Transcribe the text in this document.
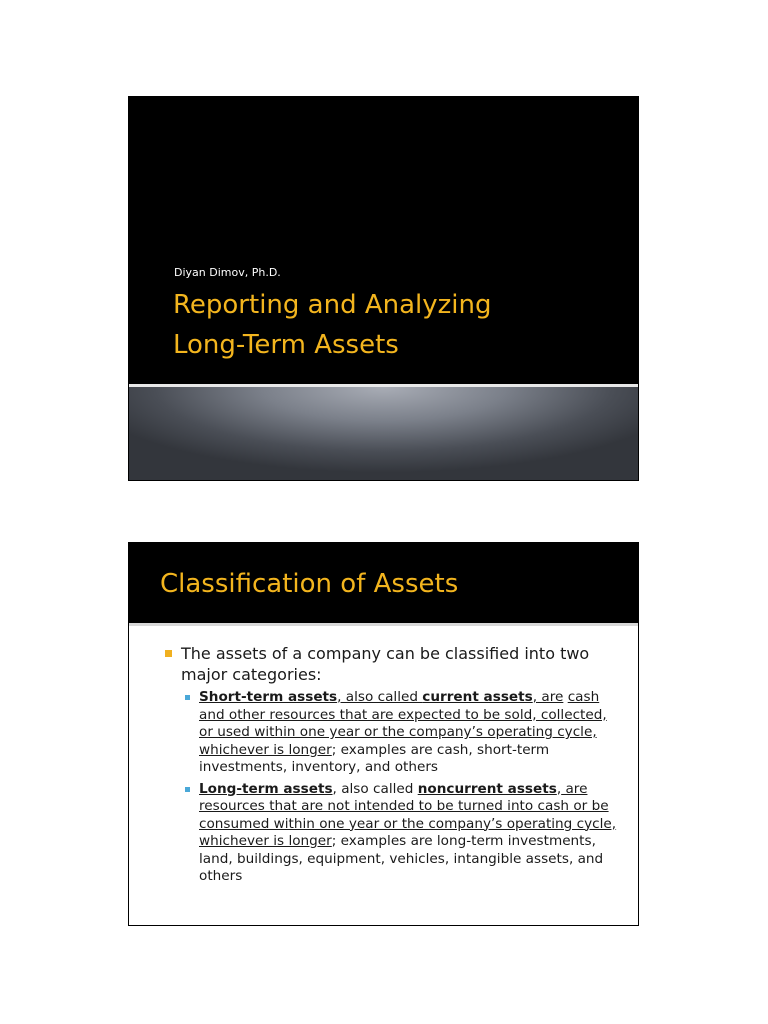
Diyan Dimov, Ph.D.
Reporting and Analyzing
Long-Term Assets
Classification of Assets
The assets of a company can be classified into two major categories:
Short-term assets, also called current assets, are cash and other resources that are expected to be sold, collected, or used within one year or the company’s operating cycle, whichever is longer; examples are cash, short-term investments, inventory, and others
Long-term assets, also called noncurrent assets, are resources that are not intended to be turned into cash or be consumed within one year or the company’s operating cycle, whichever is longer; examples are long-term investments, land, buildings, equipment, vehicles, intangible assets, and others
